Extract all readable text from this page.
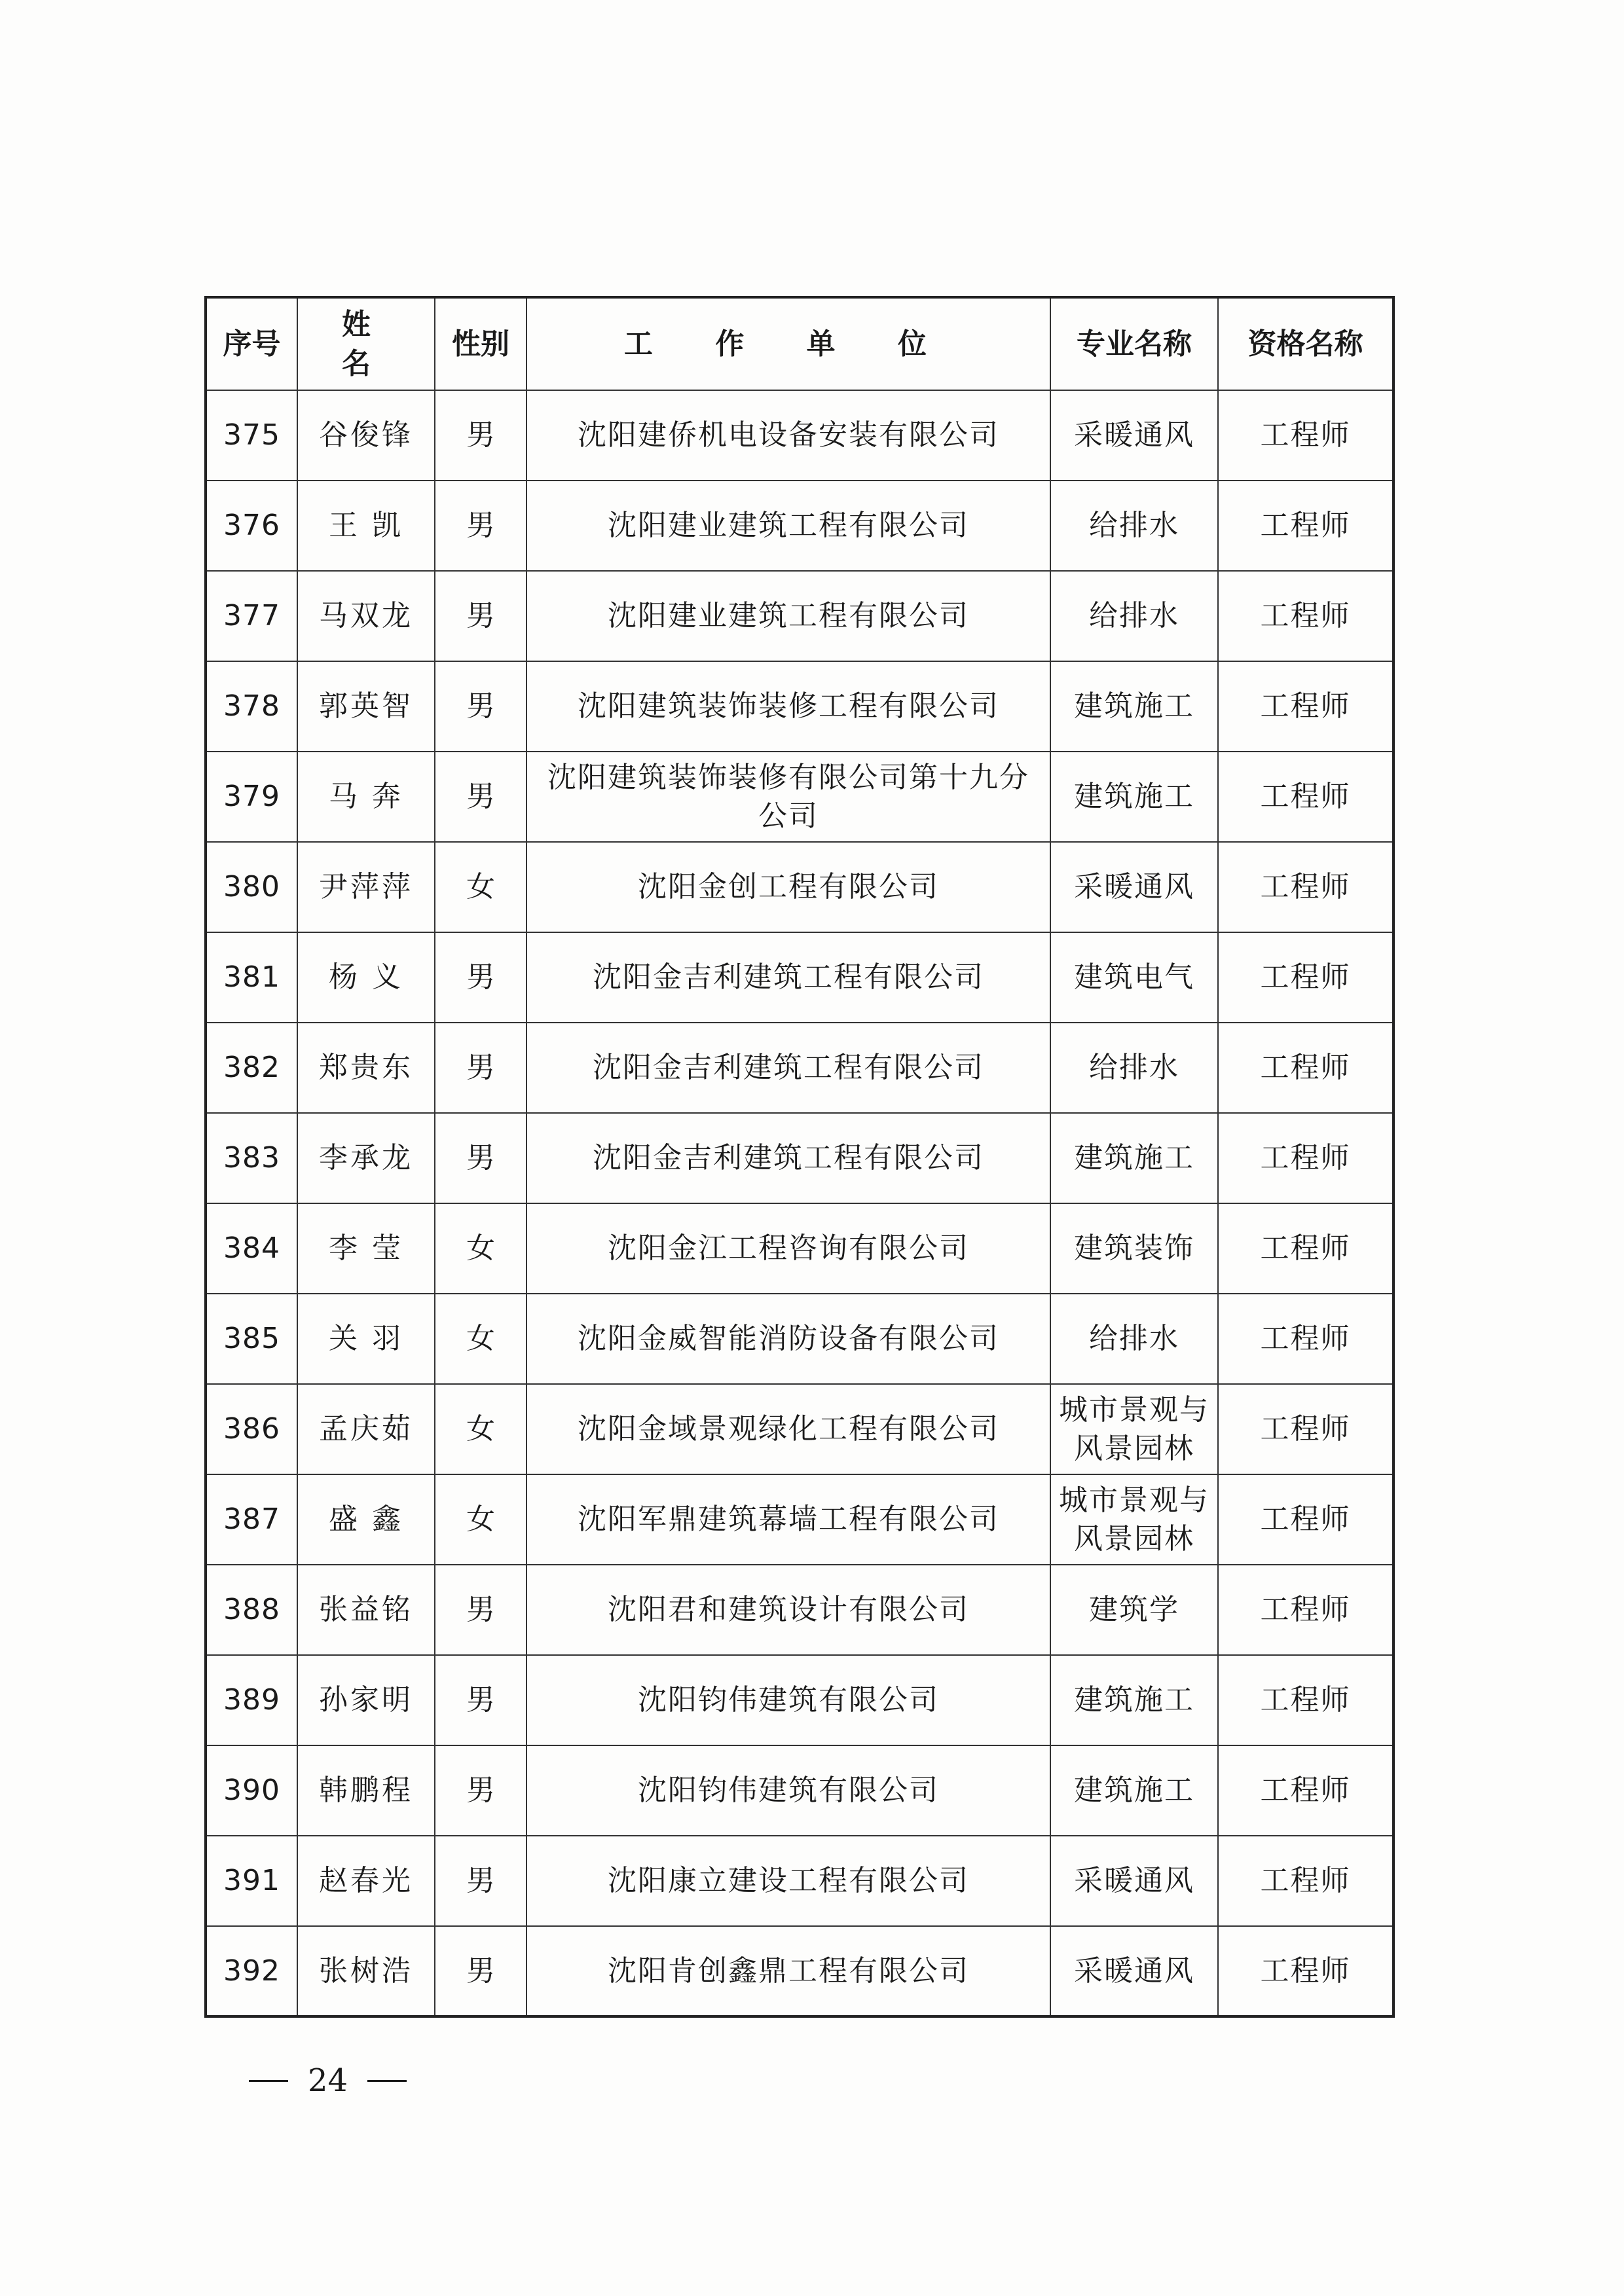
序号	姓 名	性别	工 作 单 位	专业名称	资格名称
375	谷俊锋	男	沈阳建侨机电设备安装有限公司	采暖通风	工程师
376	王 凯	男	沈阳建业建筑工程有限公司	给排水	工程师
377	马双龙	男	沈阳建业建筑工程有限公司	给排水	工程师
378	郭英智	男	沈阳建筑装饰装修工程有限公司	建筑施工	工程师
379	马 奔	男	沈阳建筑装饰装修有限公司第十九分公司	建筑施工	工程师
380	尹萍萍	女	沈阳金创工程有限公司	采暖通风	工程师
381	杨 义	男	沈阳金吉利建筑工程有限公司	建筑电气	工程师
382	郑贵东	男	沈阳金吉利建筑工程有限公司	给排水	工程师
383	李承龙	男	沈阳金吉利建筑工程有限公司	建筑施工	工程师
384	李 莹	女	沈阳金江工程咨询有限公司	建筑装饰	工程师
385	关 羽	女	沈阳金威智能消防设备有限公司	给排水	工程师
386	孟庆茹	女	沈阳金域景观绿化工程有限公司	城市景观与风景园林	工程师
387	盛 鑫	女	沈阳军鼎建筑幕墙工程有限公司	城市景观与风景园林	工程师
388	张益铭	男	沈阳君和建筑设计有限公司	建筑学	工程师
389	孙家明	男	沈阳钧伟建筑有限公司	建筑施工	工程师
390	韩鹏程	男	沈阳钧伟建筑有限公司	建筑施工	工程师
391	赵春光	男	沈阳康立建设工程有限公司	采暖通风	工程师
392	张树浩	男	沈阳肯创鑫鼎工程有限公司	采暖通风	工程师
24
